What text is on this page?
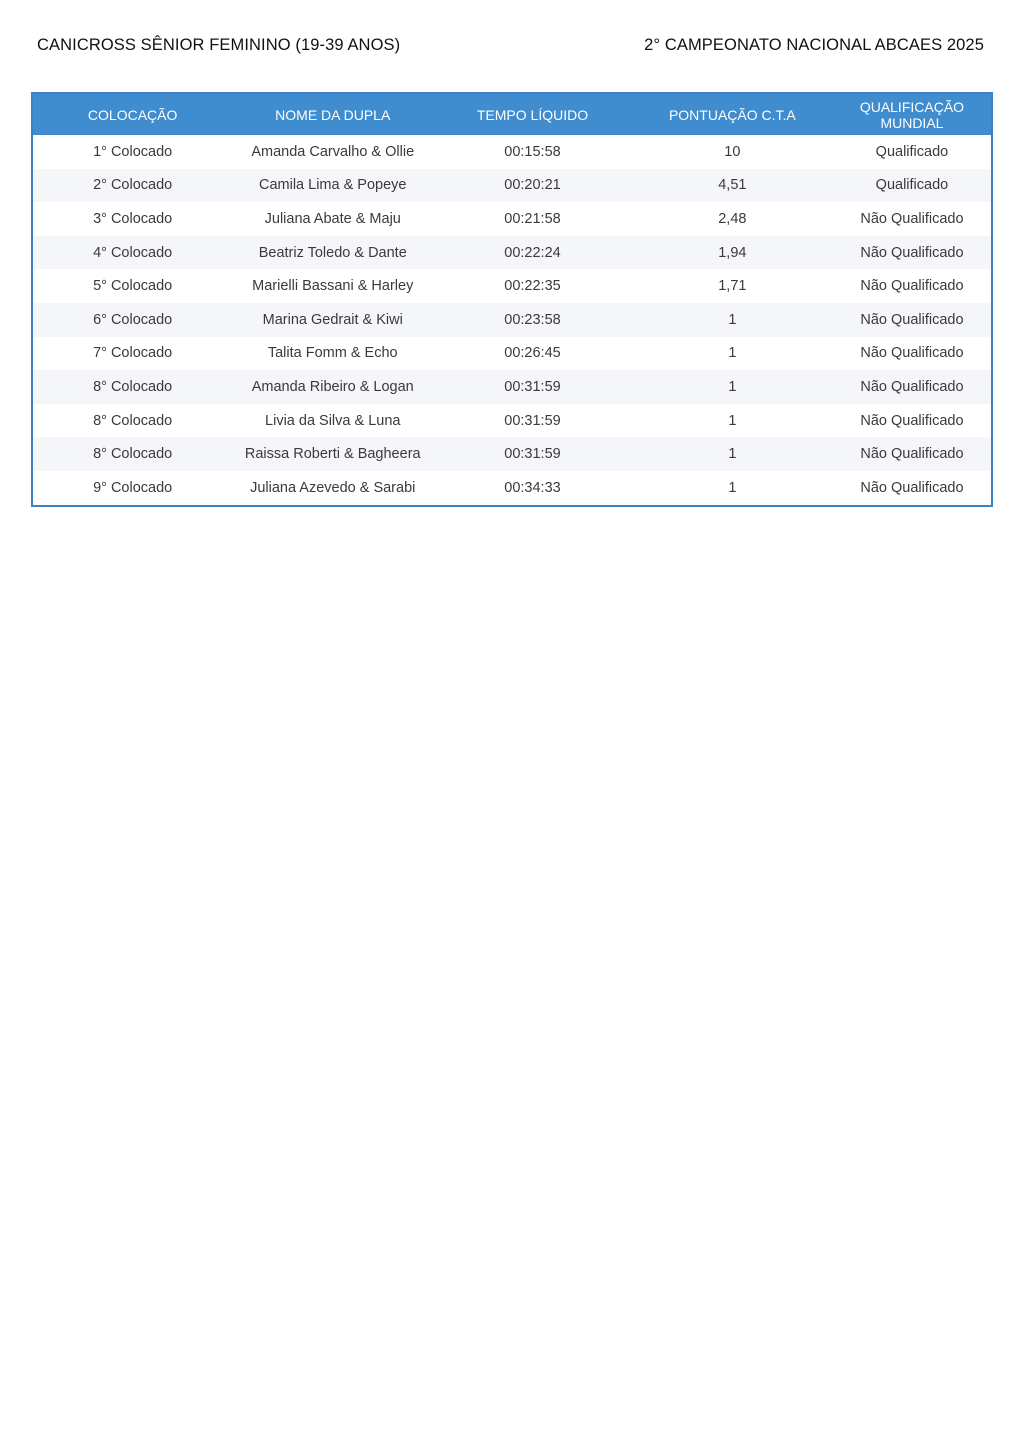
CANICROSS SÊNIOR FEMININO (19-39 ANOS)	2° CAMPEONATO NACIONAL ABCAES 2025
COLOCAÇÃO	NOME DA DUPLA	TEMPO LÍQUIDO	PONTUAÇÃO C.T.A	QUALIFICAÇÃO MUNDIAL
1° Colocado	Amanda Carvalho & Ollie	00:15:58	10	Qualificado
2° Colocado	Camila Lima & Popeye	00:20:21	4,51	Qualificado
3° Colocado	Juliana Abate & Maju	00:21:58	2,48	Não Qualificado
4° Colocado	Beatriz Toledo & Dante	00:22:24	1,94	Não Qualificado
5° Colocado	Marielli Bassani & Harley	00:22:35	1,71	Não Qualificado
6° Colocado	Marina Gedrait & Kiwi	00:23:58	1	Não Qualificado
7° Colocado	Talita Fomm & Echo	00:26:45	1	Não Qualificado
8° Colocado	Amanda Ribeiro & Logan	00:31:59	1	Não Qualificado
8° Colocado	Livia da Silva & Luna	00:31:59	1	Não Qualificado
8° Colocado	Raissa Roberti & Bagheera	00:31:59	1	Não Qualificado
9° Colocado	Juliana Azevedo & Sarabi	00:34:33	1	Não Qualificado
